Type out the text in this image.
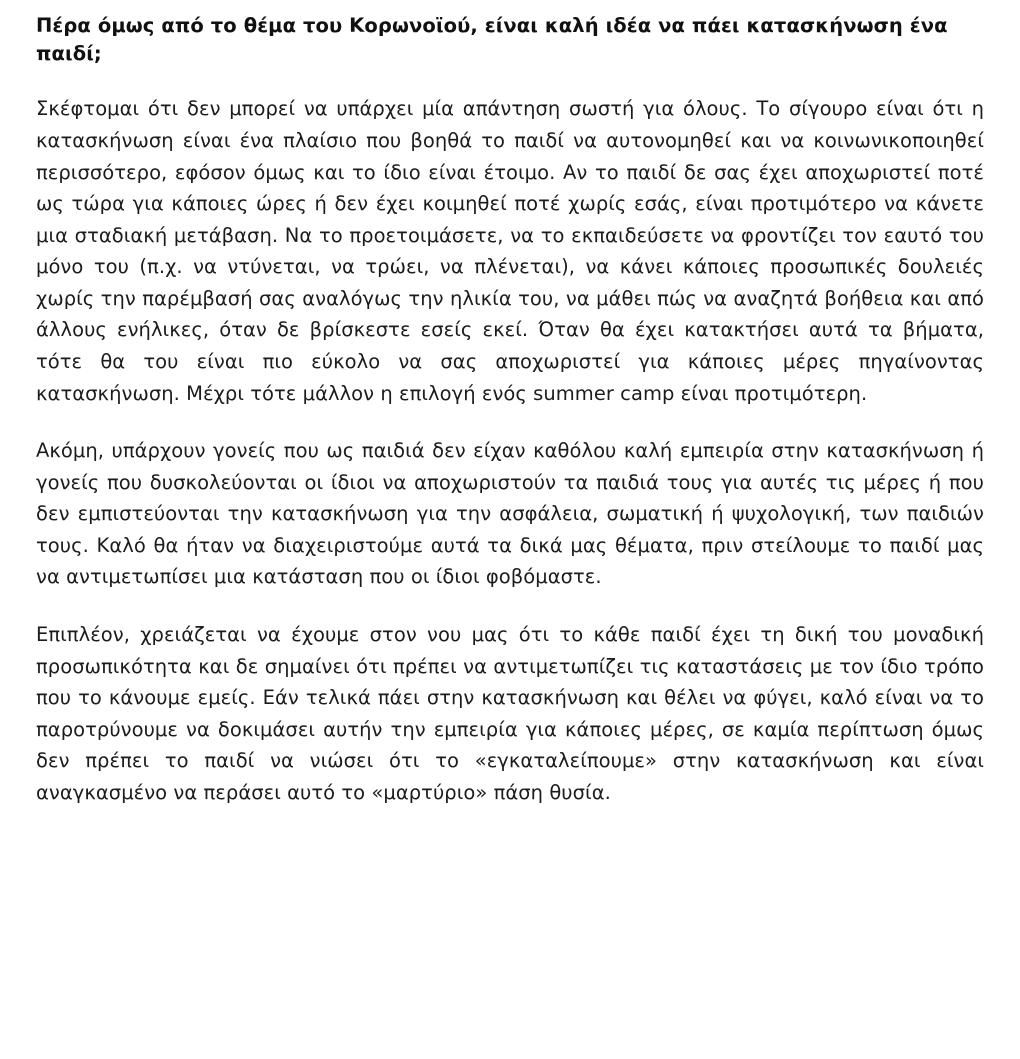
Πέρα όμως από το θέμα του Κορωνοϊού, είναι καλή ιδέα να πάει κατασκήνωση ένα παιδί;

Σκέφτομαι ότι δεν μπορεί να υπάρχει μία απάντηση σωστή για όλους. Το σίγουρο είναι ότι η κατασκήνωση είναι ένα πλαίσιο που βοηθά το παιδί να αυτονομηθεί και να κοινωνικοποιηθεί περισσότερο, εφόσον όμως και το ίδιο είναι έτοιμο. Αν το παιδί δε σας έχει αποχωριστεί ποτέ ως τώρα για κάποιες ώρες ή δεν έχει κοιμηθεί ποτέ χωρίς εσάς, είναι προτιμότερο να κάνετε μια σταδιακή μετάβαση. Να το προετοιμάσετε, να το εκπαιδεύσετε να φροντίζει τον εαυτό του μόνο του (π.χ. να ντύνεται, να τρώει, να πλένεται), να κάνει κάποιες προσωπικές δουλειές χωρίς την παρέμβασή σας αναλόγως την ηλικία του, να μάθει πώς να αναζητά βοήθεια και από άλλους ενήλικες, όταν δε βρίσκεστε εσείς εκεί. Όταν θα έχει κατακτήσει αυτά τα βήματα, τότε θα του είναι πιο εύκολο να σας αποχωριστεί για κάποιες μέρες πηγαίνοντας κατασκήνωση. Μέχρι τότε μάλλον η επιλογή ενός summer camp είναι προτιμότερη.

Ακόμη, υπάρχουν γονείς που ως παιδιά δεν είχαν καθόλου καλή εμπειρία στην κατασκήνωση ή γονείς που δυσκολεύονται οι ίδιοι να αποχωριστούν τα παιδιά τους για αυτές τις μέρες ή που δεν εμπιστεύονται την κατασκήνωση για την ασφάλεια, σωματική ή ψυχολογική, των παιδιών τους. Καλό θα ήταν να διαχειριστούμε αυτά τα δικά μας θέματα, πριν στείλουμε το παιδί μας να αντιμετωπίσει μια κατάσταση που οι ίδιοι φοβόμαστε.

Επιπλέον, χρειάζεται να έχουμε στον νου μας ότι το κάθε παιδί έχει τη δική του μοναδική προσωπικότητα και δε σημαίνει ότι πρέπει να αντιμετωπίζει τις καταστάσεις με τον ίδιο τρόπο που το κάνουμε εμείς. Εάν τελικά πάει στην κατασκήνωση και θέλει να φύγει, καλό είναι να το παροτρύνουμε να δοκιμάσει αυτήν την εμπειρία για κάποιες μέρες, σε καμία περίπτωση όμως δεν πρέπει το παιδί να νιώσει ότι το «εγκαταλείπουμε» στην κατασκήνωση και είναι αναγκασμένο να περάσει αυτό το «μαρτύριο» πάση θυσία.
